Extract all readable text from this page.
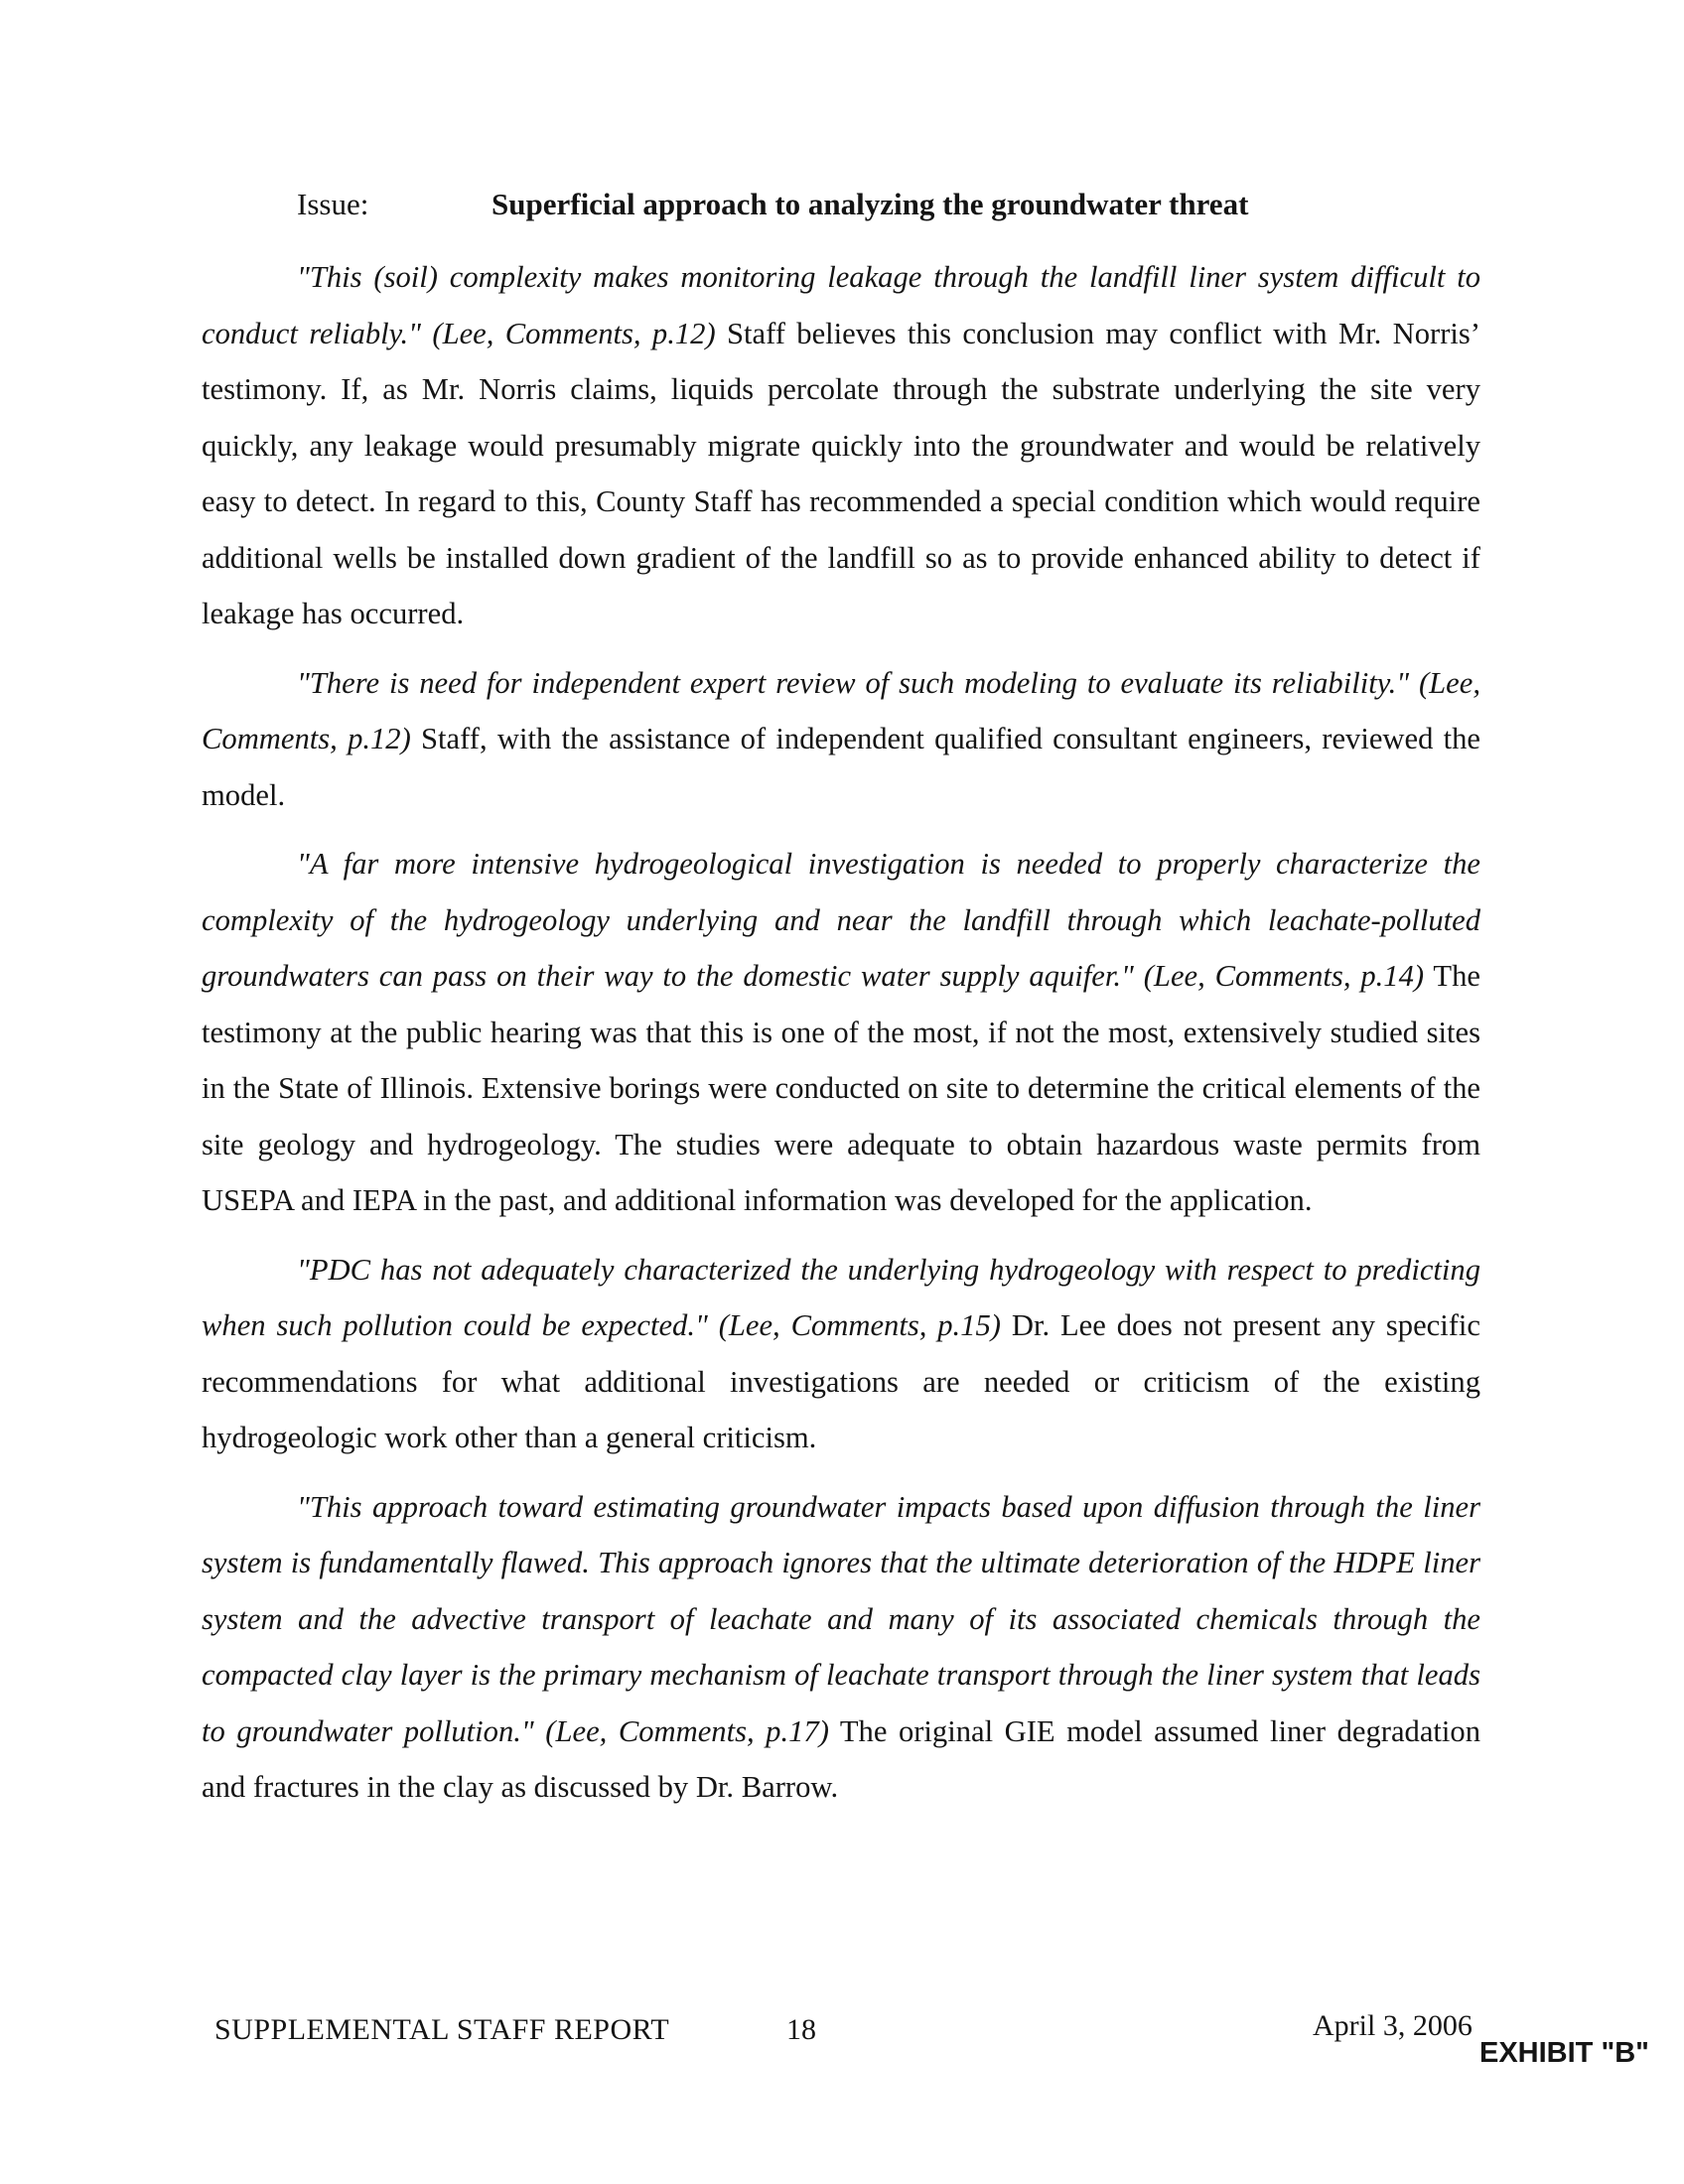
Issue:	Superficial approach to analyzing the groundwater threat

"This (soil) complexity makes monitoring leakage through the landfill liner system difficult to conduct reliably." (Lee, Comments, p.12) Staff believes this conclusion may conflict with Mr. Norris’ testimony. If, as Mr. Norris claims, liquids percolate through the substrate underlying the site very quickly, any leakage would presumably migrate quickly into the groundwater and would be relatively easy to detect. In regard to this, County Staff has recommended a special condition which would require additional wells be installed down gradient of the landfill so as to provide enhanced ability to detect if leakage has occurred.

"There is need for independent expert review of such modeling to evaluate its reliability." (Lee, Comments, p.12) Staff, with the assistance of independent qualified consultant engineers, reviewed the model.

"A far more intensive hydrogeological investigation is needed to properly characterize the complexity of the hydrogeology underlying and near the landfill through which leachate-polluted groundwaters can pass on their way to the domestic water supply aquifer." (Lee, Comments, p.14) The testimony at the public hearing was that this is one of the most, if not the most, extensively studied sites in the State of Illinois. Extensive borings were conducted on site to determine the critical elements of the site geology and hydrogeology. The studies were adequate to obtain hazardous waste permits from USEPA and IEPA in the past, and additional information was developed for the application.

"PDC has not adequately characterized the underlying hydrogeology with respect to predicting when such pollution could be expected." (Lee, Comments, p.15) Dr. Lee does not present any specific recommendations for what additional investigations are needed or criticism of the existing hydrogeologic work other than a general criticism.

"This approach toward estimating groundwater impacts based upon diffusion through the liner system is fundamentally flawed. This approach ignores that the ultimate deterioration of the HDPE liner system and the advective transport of leachate and many of its associated chemicals through the compacted clay layer is the primary mechanism of leachate transport through the liner system that leads to groundwater pollution." (Lee, Comments, p.17) The original GIE model assumed liner degradation and fractures in the clay as discussed by Dr. Barrow.

SUPPLEMENTAL STAFF REPORT	18	April 3, 2006
EXHIBIT "B"
